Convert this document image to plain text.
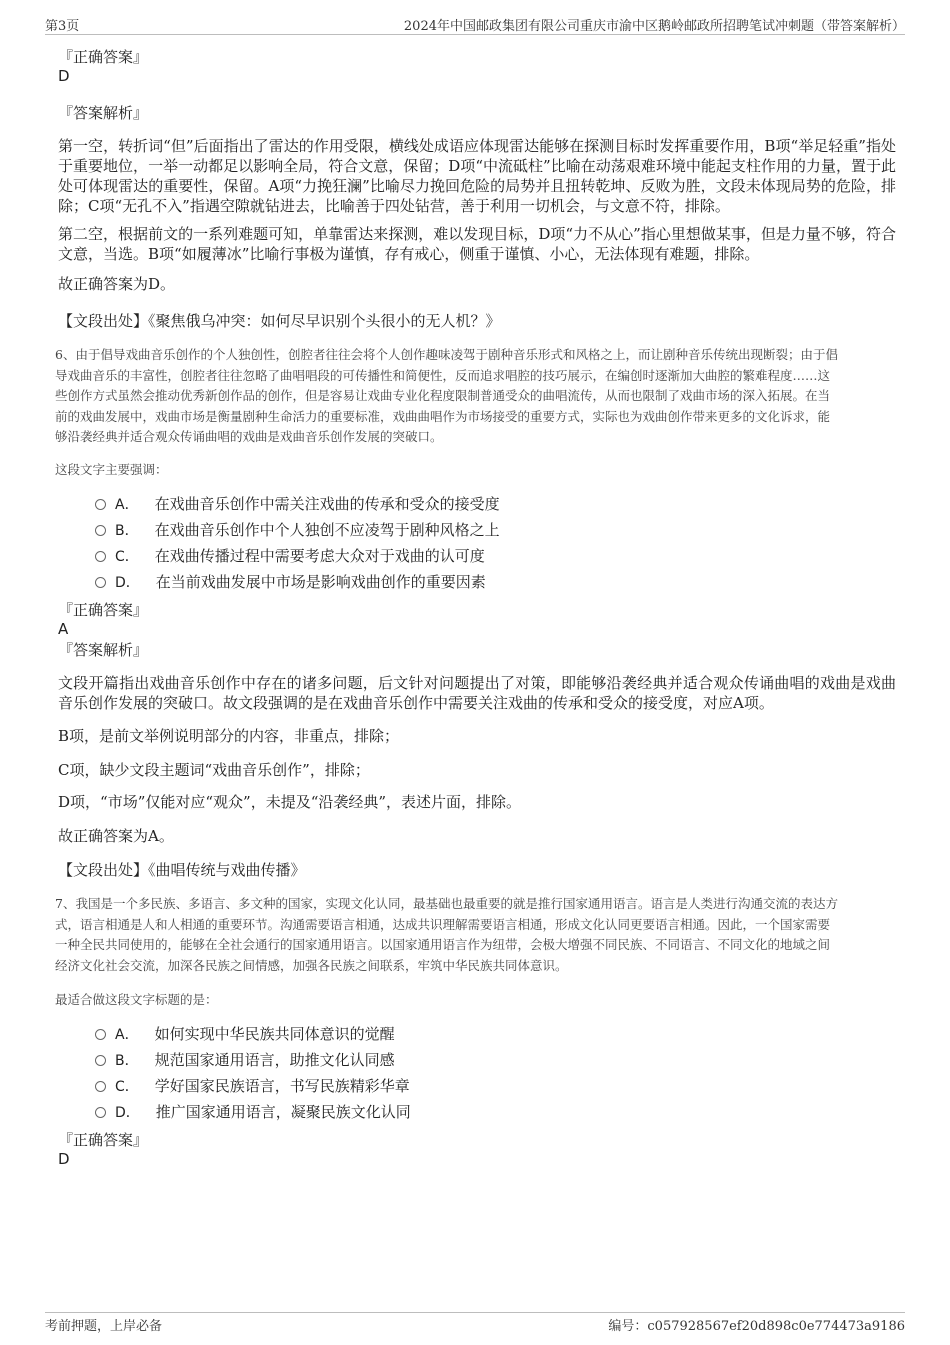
第3页	2024年中国邮政集团有限公司重庆市渝中区鹅岭邮政所招聘笔试冲刺题（带答案解析）
『正确答案』
D
『答案解析』
第一空，转折词“但”后面指出了雷达的作用受限，横线处成语应体现雷达能够在探测目标时发挥重要作用，B项“举足轻重”指处于重要地位，一举一动都足以影响全局，符合文意，保留；D项“中流砥柱”比喻在动荡艰难环境中能起支柱作用的力量，置于此处可体现雷达的重要性，保留。A项“力挽狂澜”比喻尽力挽回危险的局势并且扭转乾坤、反败为胜，文段未体现局势的危险，排除；C项“无孔不入”指遇空隙就钻进去，比喻善于四处钻营，善于利用一切机会，与文意不符，排除。
第二空，根据前文的一系列难题可知，单靠雷达来探测，难以发现目标，D项“力不从心”指心里想做某事，但是力量不够，符合文意，当选。B项“如履薄冰”比喻行事极为谨慎，存有戒心，侧重于谨慎、小心，无法体现有难题，排除。
故正确答案为D。
【文段出处】《聚焦俄乌冲突：如何尽早识别个头很小的无人机？》
6、由于倡导戏曲音乐创作的个人独创性，创腔者往往会将个人创作趣味凌驾于剧种音乐形式和风格之上，而让剧种音乐传统出现断裂；由于倡
导戏曲音乐的丰富性，创腔者往往忽略了曲唱唱段的可传播性和简便性，反而追求唱腔的技巧展示，在编创时逐渐加大曲腔的繁难程度……这
些创作方式虽然会推动优秀新创作品的创作，但是容易让戏曲专业化程度限制普通受众的曲唱流传，从而也限制了戏曲市场的深入拓展。在当
前的戏曲发展中，戏曲市场是衡量剧种生命活力的重要标准，戏曲曲唱作为市场接受的重要方式，实际也为戏曲创作带来更多的文化诉求，能
够沿袭经典并适合观众传诵曲唱的戏曲是戏曲音乐创作发展的突破口。
这段文字主要强调：
A． 在戏曲音乐创作中需关注戏曲的传承和受众的接受度
B． 在戏曲音乐创作中个人独创不应凌驾于剧种风格之上
C． 在戏曲传播过程中需要考虑大众对于戏曲的认可度
D． 在当前戏曲发展中市场是影响戏曲创作的重要因素
『正确答案』
A
『答案解析』
文段开篇指出戏曲音乐创作中存在的诸多问题，后文针对问题提出了对策，即能够沿袭经典并适合观众传诵曲唱的戏曲是戏曲音乐创作发展的突破口。故文段强调的是在戏曲音乐创作中需要关注戏曲的传承和受众的接受度，对应A项。
B项，是前文举例说明部分的内容，非重点，排除；
C项，缺少文段主题词“戏曲音乐创作”，排除；
D项，“市场”仅能对应“观众”，未提及“沿袭经典”，表述片面，排除。
故正确答案为A。
【文段出处】《曲唱传统与戏曲传播》
7、我国是一个多民族、多语言、多文种的国家，实现文化认同，最基础也最重要的就是推行国家通用语言。语言是人类进行沟通交流的表达方
式，语言相通是人和人相通的重要环节。沟通需要语言相通，达成共识理解需要语言相通，形成文化认同更要语言相通。因此，一个国家需要
一种全民共同使用的，能够在全社会通行的国家通用语言。以国家通用语言作为纽带，会极大增强不同民族、不同语言、不同文化的地域之间
经济文化社会交流，加深各民族之间情感，加强各民族之间联系，牢筑中华民族共同体意识。
最适合做这段文字标题的是：
A． 如何实现中华民族共同体意识的觉醒
B． 规范国家通用语言，助推文化认同感
C． 学好国家民族语言，书写民族精彩华章
D． 推广国家通用语言，凝聚民族文化认同
『正确答案』
D
考前押题，上岸必备	编号：c057928567ef20d898c0e774473a9186
